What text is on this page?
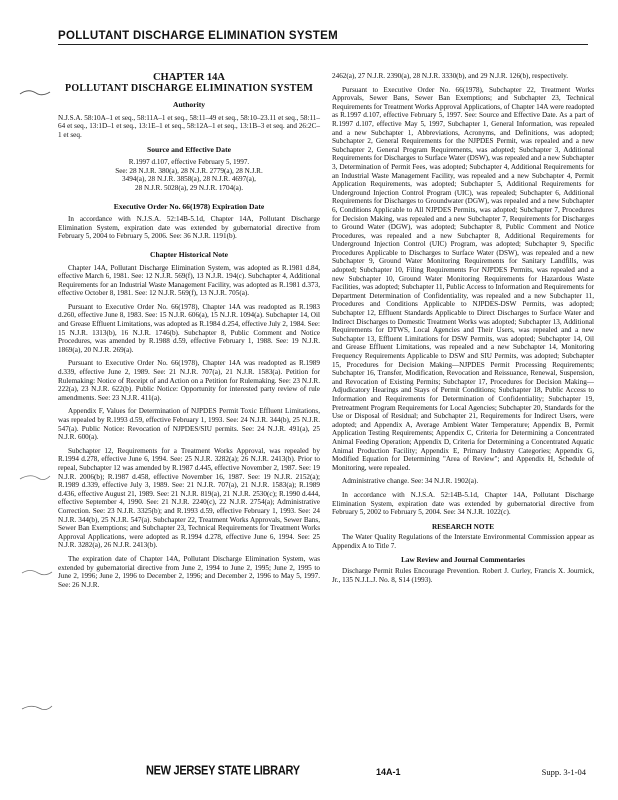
POLLUTANT DISCHARGE ELIMINATION SYSTEM
CHAPTER 14A
POLLUTANT DISCHARGE ELIMINATION SYSTEM
Authority

N.J.S.A. 58:10A–1 et seq., 58:11A–1 et seq., 58:11–49 et seq., 58:10–23.11 et seq., 58:11–64 et seq., 13:1D–1 et seq., 13:1E–1 et seq., 58:12A–1 et seq., 13:1B–3 et seq. and 26:2C–1 et seq.

Source and Effective Date

R.1997 d.107, effective February 5, 1997.

See: 28 N.J.R. 380(a), 28 N.J.R. 2779(a), 28 N.J.R.

3494(a), 28 N.J.R. 3858(a), 28 N.J.R. 4697(a),

28 N.J.R. 5028(a), 29 N.J.R. 1704(a).

Executive Order No. 66(1978) Expiration Date

In accordance with N.J.S.A. 52:14B-5.1d, Chapter 14A, Pollutant Discharge Elimination System, expiration date was extended by gubernatorial directive from February 5, 2004 to February 5, 2006. See: 36 N.J.R. 1191(b).

Chapter Historical Note

Chapter 14A, Pollutant Discharge Elimination System, was adopted as R.1981 d.84, effective March 6, 1981. See: 12 N.J.R. 569(f), 13 N.J.R. 194(c). Subchapter 4, Additional Requirements for an Industrial Waste Management Facility, was adopted as R.1981 d.373, effective October 8, 1981. See: 12 N.J.R. 569(f), 13 N.J.R. 705(a).

Pursuant to Executive Order No. 66(1978), Chapter 14A was readopted as R.1983 d.260, effective June 8, 1983. See: 15 N.J.R. 606(a), 15 N.J.R. 1094(a). Subchapter 14, Oil and Grease Effluent Limitations, was adopted as R.1984 d.254, effective July 2, 1984. See: 15 N.J.R. 1313(b), 16 N.J.R. 1746(b). Subchapter 8, Public Comment and Notice Procedures, was amended by R.1988 d.59, effective February 1, 1988. See: 19 N.J.R. 1869(a), 20 N.J.R. 269(a).

Pursuant to Executive Order No. 66(1978), Chapter 14A was readopted as R.1989 d.339, effective June 2, 1989. See: 21 N.J.R. 707(a), 21 N.J.R. 1583(a). Petition for Rulemaking: Notice of Receipt of and Action on a Petition for Rulemaking. See: 23 N.J.R. 222(a), 23 N.J.R. 622(b). Public Notice: Opportunity for interested party review of rule amendments. See: 23 N.J.R. 411(a).

Appendix F, Values for Determination of NJPDES Permit Toxic Effluent Limitations, was repealed by R.1993 d.59, effective February 1, 1993. See: 24 N.J.R. 344(b), 25 N.J.R. 547(a). Public Notice: Revocation of NJPDES/SIU permits. See: 24 N.J.R. 491(a), 25 N.J.R. 600(a).

Subchapter 12, Requirements for a Treatment Works Approval, was repealed by R.1994 d.278, effective June 6, 1994. See: 25 N.J.R. 3282(a); 26 N.J.R. 2413(b). Prior to repeal, Subchapter 12 was amended by R.1987 d.445, effective November 2, 1987. See: 19 N.J.R. 2006(b); R.1987 d.458, effective November 16, 1987. See: 19 N.J.R. 2152(a); R.1989 d.339, effective July 3, 1989. See: 21 N.J.R. 707(a), 21 N.J.R. 1583(a); R.1989 d.436, effective August 21, 1989. See: 21 N.J.R. 819(a), 21 N.J.R. 2530(c); R.1990 d.444, effective September 4, 1990. See: 21 N.J.R. 2240(c), 22 N.J.R. 2754(a); Administrative Correction. See: 23 N.J.R. 3325(b); and R.1993 d.59, effective February 1, 1993. See: 24 N.J.R. 344(b), 25 N.J.R. 547(a). Subchapter 22, Treatment Works Approvals, Sewer Bans, Sewer Ban Exemptions; and Subchapter 23, Technical Requirements for Treatment Works Approval Applications, were adopted as R.1994 d.278, effective June 6, 1994. See: 25 N.J.R. 3282(a), 26 N.J.R. 2413(b).

The expiration date of Chapter 14A, Pollutant Discharge Elimination System, was extended by gubernatorial directive from June 2, 1994 to June 2, 1995; June 2, 1995 to June 2, 1996; June 2, 1996 to December 2, 1996; and December 2, 1996 to May 5, 1997. See: 26 N.J.R.

2462(a), 27 N.J.R. 2390(a), 28 N.J.R. 3330(b), and 29 N.J.R. 126(b), respectively.

Pursuant to Executive Order No. 66(1978), Subchapter 22, Treatment Works Approvals, Sewer Bans, Sewer Ban Exemptions; and Subchapter 23, Technical Requirements for Treatment Works Approval Applications, of Chapter 14A were readopted as R.1997 d.107, effective February 5, 1997. See: Source and Effective Date. As a part of R.1997 d.107, effective May 5, 1997, Subchapter 1, General Information, was repealed and a new Subchapter 1, Abbreviations, Acronyms, and Definitions, was adopted; Subchapter 2, General Requirements for the NJPDES Permit, was repealed and a new Subchapter 2, General Program Requirements, was adopted; Subchapter 3, Additional Requirements for Discharges to Surface Water (DSW), was repealed and a new Subchapter 3, Determination of Permit Fees, was adopted; Subchapter 4, Additional Requirements for an Industrial Waste Management Facility, was repealed and a new Subchapter 4, Permit Application Requirements, was adopted; Subchapter 5, Additional Requirements for Underground Injection Control Program (UIC), was repealed; Subchapter 6, Additional Requirements for Discharges to Groundwater (DGW), was repealed and a new Subchapter 6, Conditions Applicable to All NJPDES Permits, was adopted; Subchapter 7, Procedures for Decision Making, was repealed and a new Subchapter 7, Requirements for Discharges to Ground Water (DGW), was adopted; Subchapter 8, Public Comment and Notice Procedures, was repealed and a new Subchapter 8, Additional Requirements for Underground Injection Control (UIC) Program, was adopted; Subchapter 9, Specific Procedures Applicable to Discharges to Surface Water (DSW), was repealed and a new Subchapter 9, Ground Water Monitoring Requirements for Sanitary Landfills, was adopted; Subchapter 10, Filing Requirements For NJPDES Permits, was repealed and a new Subchapter 10, Ground Water Monitoring Requirements for Hazardous Waste Facilities, was adopted; Subchapter 11, Public Access to Information and Requirements for Department Determination of Confidentiality, was repealed and a new Subchapter 11, Procedures and Conditions Applicable to NJPDES-DSW Permits, was adopted; Subchapter 12, Effluent Standards Applicable to Direct Discharges to Surface Water and Indirect Discharges to Domestic Treatment Works was adopted; Subchapter 13, Additional Requirements for DTWS, Local Agencies and Their Users, was repealed and a new Subchapter 13, Effluent Limitations for DSW Permits, was adopted; Subchapter 14, Oil and Grease Effluent Limitations, was repealed and a new Subchapter 14, Monitoring Frequency Requirements Applicable to DSW and SIU Permits, was adopted; Subchapter 15, Procedures for Decision Making—NJPDES Permit Processing Requirements; Subchapter 16, Transfer, Modification, Revocation and Reissuance, Renewal, Suspension, and Revocation of Existing Permits; Subchapter 17, Procedures for Decision Making—Adjudicatory Hearings and Stays of Permit Conditions; Subchapter 18, Public Access to Information and Requirements for Determination of Confidentiality; Subchapter 19, Pretreatment Program Requirements for Local Agencies; Subchapter 20, Standards for the Use or Disposal of Residual; and Subchapter 21, Requirements for Indirect Users, were adopted; and Appendix A, Average Ambient Water Temperature; Appendix B, Permit Application Testing Requirements; Appendix C, Criteria for Determining a Concentrated Animal Feeding Operation; Appendix D, Criteria for Determining a Concentrated Aquatic Animal Production Facility; Appendix E, Primary Industry Categories; Appendix G, Modified Equation for Determining "Area of Review"; and Appendix H, Schedule of Monitoring, were repealed.

Administrative change. See: 34 N.J.R. 1902(a).

In accordance with N.J.S.A. 52:14B-5.1d, Chapter 14A, Pollutant Discharge Elimination System, expiration date was extended by gubernatorial directive from February 5, 2002 to February 5, 2004. See: 34 N.J.R. 1022(c).

RESEARCH NOTE

The Water Quality Regulations of the Interstate Environmental Commission appear as Appendix A to Title 7.

Law Review and Journal Commentaries

Discharge Permit Rules Encourage Prevention. Robert J. Curley, Francis X. Journick, Jr., 135 N.J.L.J. No. 8, S14 (1993).

NEW JERSEY STATE LIBRARY	14A-1	Supp. 3-1-04
